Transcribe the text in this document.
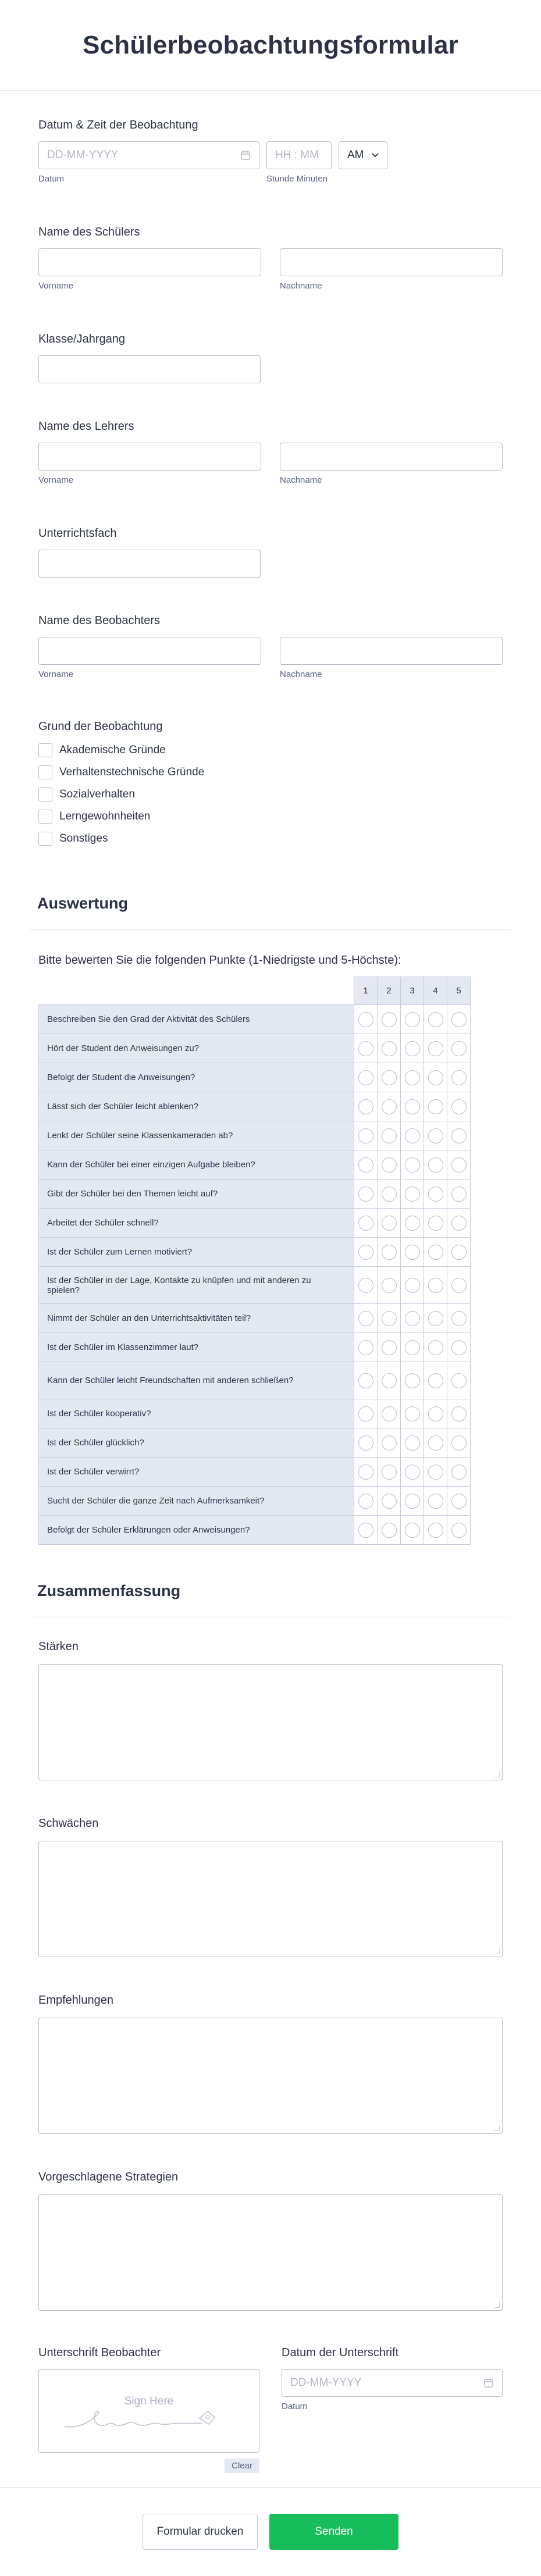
Schülerbeobachtungsformular
Datum & Zeit der Beobachtung
DD-MM-YYYY
Datum
HH : MM	AM
Stunde Minuten
Name des Schülers
Vorname	Nachname
Klasse/Jahrgang
Name des Lehrers
Vorname	Nachname
Unterrichtsfach
Name des Beobachters
Vorname	Nachname
Grund der Beobachtung
Akademische Gründe
Verhaltenstechnische Gründe
Sozialverhalten
Lerngewohnheiten
Sonstiges
Auswertung
Bitte bewerten Sie die folgenden Punkte (1-Niedrigste und 5-Höchste):
	1	2	3	4	5
Beschreiben Sie den Grad der Aktivität des Schülers					
Hört der Student den Anweisungen zu?					
Befolgt der Student die Anweisungen?					
Lässt sich der Schüler leicht ablenken?					
Lenkt der Schüler seine Klassenkameraden ab?					
Kann der Schüler bei einer einzigen Aufgabe bleiben?					
Gibt der Schüler bei den Themen leicht auf?					
Arbeitet der Schüler schnell?					
Ist der Schüler zum Lernen motiviert?					
Ist der Schüler in der Lage, Kontakte zu knüpfen und mit anderen zu spielen?					
Nimmt der Schüler an den Unterrichtsaktivitäten teil?					
Ist der Schüler im Klassenzimmer laut?					
Kann der Schüler leicht Freundschaften mit anderen schließen?					
Ist der Schüler kooperativ?					
Ist der Schüler glücklich?					
Ist der Schüler verwirrt?					
Sucht der Schüler die ganze Zeit nach Aufmerksamkeit?					
Befolgt der Schüler Erklärungen oder Anweisungen?					
Zusammenfassung
Stärken
Schwächen
Empfehlungen
Vorgeschlagene Strategien
Unterschrift Beobachter
Sign Here
Clear
Datum der Unterschrift
DD-MM-YYYY
Datum
Formular drucken	Senden
